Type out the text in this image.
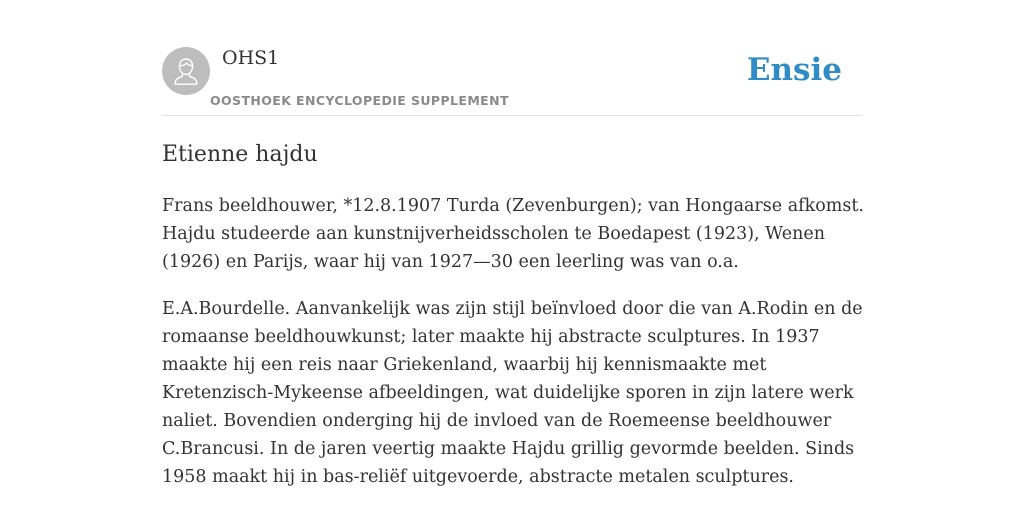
OHS1
OOSTHOEK ENCYCLOPEDIE SUPPLEMENT
Ensie
Etienne hajdu

Frans beeldhouwer, *12.8.1907 Turda (Zevenburgen); van Hongaarse afkomst. Hajdu studeerde aan kunstnijverheidsscholen te Boedapest (1923), Wenen (1926) en Parijs, waar hij van 1927—30 een leerling was van o.a.

E.A.Bourdelle. Aanvankelijk was zijn stijl beïnvloed door die van A.Rodin en de romaanse beeldhouwkunst; later maakte hij abstracte sculptures. In 1937 maakte hij een reis naar Griekenland, waarbij hij kennismaakte met Kretenzisch-Mykeense afbeeldingen, wat duidelijke sporen in zijn latere werk naliet. Bovendien onderging hij de invloed van de Roemeense beeldhouwer C.Brancusi. In de jaren veertig maakte Hajdu grillig gevormde beelden. Sinds 1958 maakt hij in bas-reliëf uitgevoerde, abstracte metalen sculptures.
